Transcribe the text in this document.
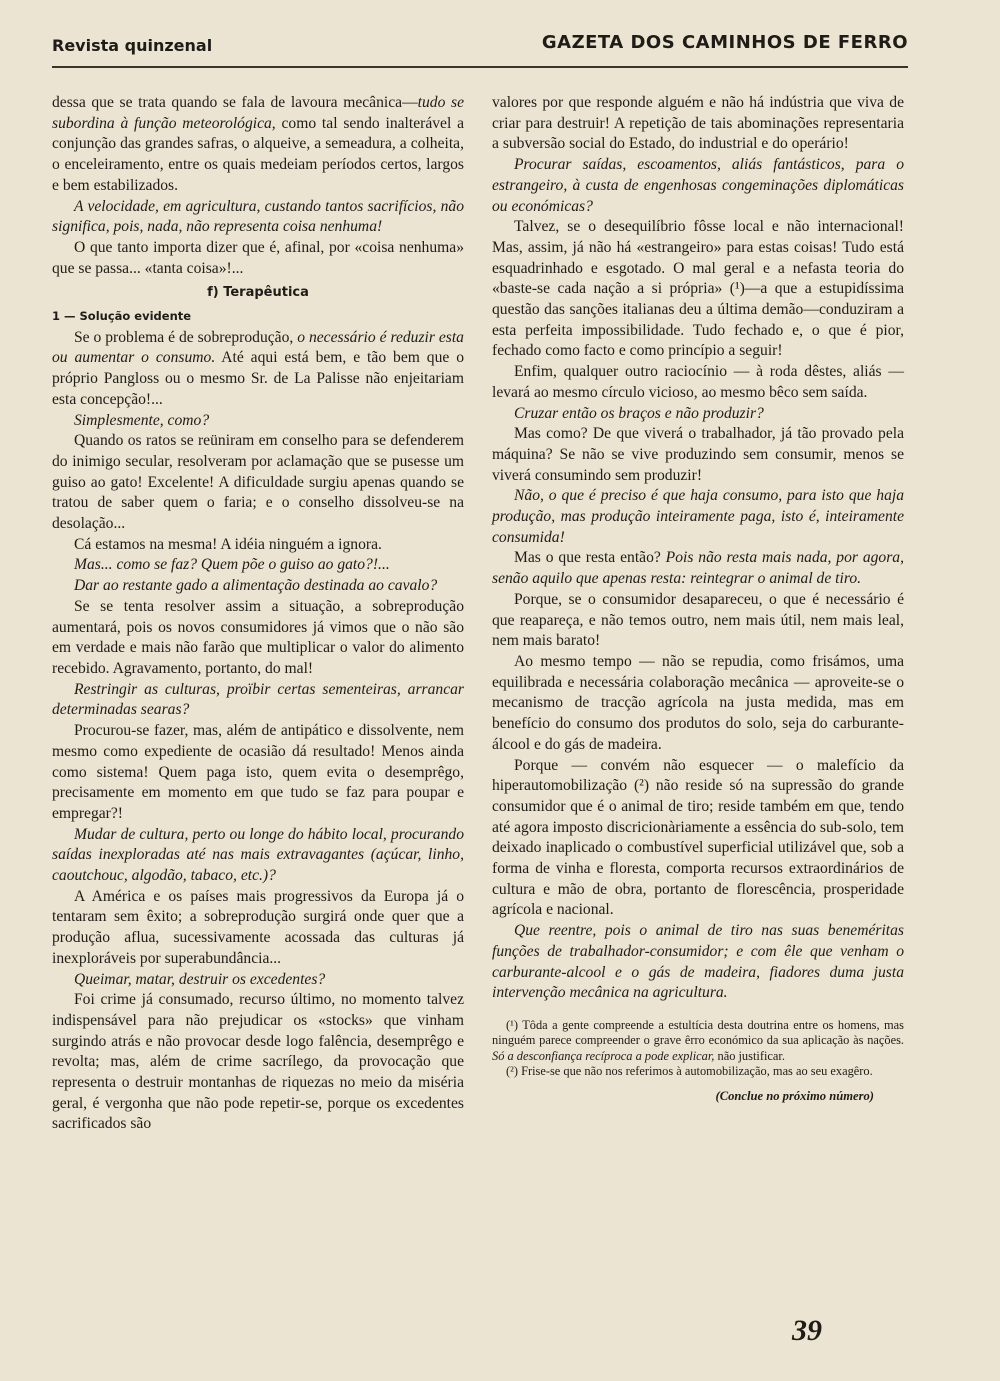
Revista quinzenal	GAZETA DOS CAMINHOS DE FERRO

dessa que se trata quando se fala de lavoura mecânica—tudo se subordina à função meteorológica, como tal sendo inalterável a conjunção das grandes safras, o alqueive, a semeadura, a colheita, o enceleiramento, entre os quais medeiam períodos certos, largos e bem estabilizados.

A velocidade, em agricultura, custando tantos sacrifícios, não significa, pois, nada, não representa coisa nenhuma!

O que tanto importa dizer que é, afinal, por «coisa nenhuma» que se passa... «tanta coisa»!...

f) Terapêutica
1 — Solução evidente

Se o problema é de sobreprodução, o necessário é reduzir esta ou aumentar o consumo. Até aqui está bem, e tão bem que o próprio Pangloss ou o mesmo Sr. de La Palisse não enjeitariam esta concepção!...

Simplesmente, como?

Quando os ratos se reüniram em conselho para se defenderem do inimigo secular, resolveram por aclamação que se pusesse um guiso ao gato! Excelente! A dificuldade surgiu apenas quando se tratou de saber quem o faria; e o conselho dissolveu-se na desolação...

Cá estamos na mesma! A idéia ninguém a ignora.

Mas... como se faz? Quem põe o guiso ao gato?!...

Dar ao restante gado a alimentação destinada ao cavalo?

Se se tenta resolver assim a situação, a sobreprodução aumentará, pois os novos consumidores já vimos que o não são em verdade e mais não farão que multiplicar o valor do alimento recebido. Agravamento, portanto, do mal!

Restringir as culturas, proïbir certas sementeiras, arrancar determinadas searas?

Procurou-se fazer, mas, além de antipático e dissolvente, nem mesmo como expediente de ocasião dá resultado! Menos ainda como sistema! Quem paga isto, quem evita o desemprêgo, precisamente em momento em que tudo se faz para poupar e empregar?!

Mudar de cultura, perto ou longe do hábito local, procurando saídas inexploradas até nas mais extravagantes (açúcar, linho, caoutchouc, algodão, tabaco, etc.)?

A América e os países mais progressivos da Europa já o tentaram sem êxito; a sobreprodução surgirá onde quer que a produção aflua, sucessivamente acossada das culturas já inexploráveis por superabundância...

Queimar, matar, destruir os excedentes?

Foi crime já consumado, recurso último, no momento talvez indispensável para não prejudicar os «stocks» que vinham surgindo atrás e não provocar desde logo falência, desemprêgo e revolta; mas, além de crime sacrílego, da provocação que representa o destruir montanhas de riquezas no meio da miséria geral, é vergonha que não pode repetir-se, porque os excedentes sacrificados são

valores por que responde alguém e não há indústria que viva de criar para destruir! A repetição de tais abominações representaria a subversão social do Estado, do industrial e do operário!

Procurar saídas, escoamentos, aliás fantásticos, para o estrangeiro, à custa de engenhosas congeminações diplomáticas ou económicas?

Talvez, se o desequilíbrio fôsse local e não internacional! Mas, assim, já não há «estrangeiro» para estas coisas! Tudo está esquadrinhado e esgotado. O mal geral e a nefasta teoria do «baste-se cada nação a si própria» (¹)—a que a estupidíssima questão das sanções italianas deu a última demão—conduziram a esta perfeita impossibilidade. Tudo fechado e, o que é pior, fechado como facto e como princípio a seguir!

Enfim, qualquer outro raciocínio — à roda dêstes, aliás — levará ao mesmo círculo vicioso, ao mesmo bêco sem saída.

Cruzar então os braços e não produzir?

Mas como? De que viverá o trabalhador, já tão provado pela máquina? Se não se vive produzindo sem consumir, menos se viverá consumindo sem produzir!

Não, o que é preciso é que haja consumo, para isto que haja produção, mas produção inteiramente paga, isto é, inteiramente consumida!

Mas o que resta então? Pois não resta mais nada, por agora, senão aquilo que apenas resta: reintegrar o animal de tiro.

Porque, se o consumidor desapareceu, o que é necessário é que reapareça, e não temos outro, nem mais útil, nem mais leal, nem mais barato!

Ao mesmo tempo — não se repudia, como frisámos, uma equilibrada e necessária colaboração mecânica — aproveite-se o mecanismo de tracção agrícola na justa medida, mas em benefício do consumo dos produtos do solo, seja do carburante-álcool e do gás de madeira.

Porque — convém não esquecer — o malefício da hiperautomobilização (²) não reside só na supressão do grande consumidor que é o animal de tiro; reside também em que, tendo até agora imposto discricionàriamente a essência do sub-solo, tem deixado inaplicado o combustível superficial utilizável que, sob a forma de vinha e floresta, comporta recursos extraordinários de cultura e mão de obra, portanto de florescência, prosperidade agrícola e nacional.

Que reentre, pois o animal de tiro nas suas beneméritas funções de trabalhador-consumidor; e com êle que venham o carburante-alcool e o gás de madeira, fiadores duma justa intervenção mecânica na agricultura.

(¹) Tôda a gente compreende a estultícia desta doutrina entre os homens, mas ninguém parece compreender o grave êrro económico da sua aplicação às nações. Só a desconfiança recíproca a pode explicar, não justificar.

(²) Frise-se que não nos referimos à automobilização, mas ao seu exagêro.

(Conclue no próximo número)
39
